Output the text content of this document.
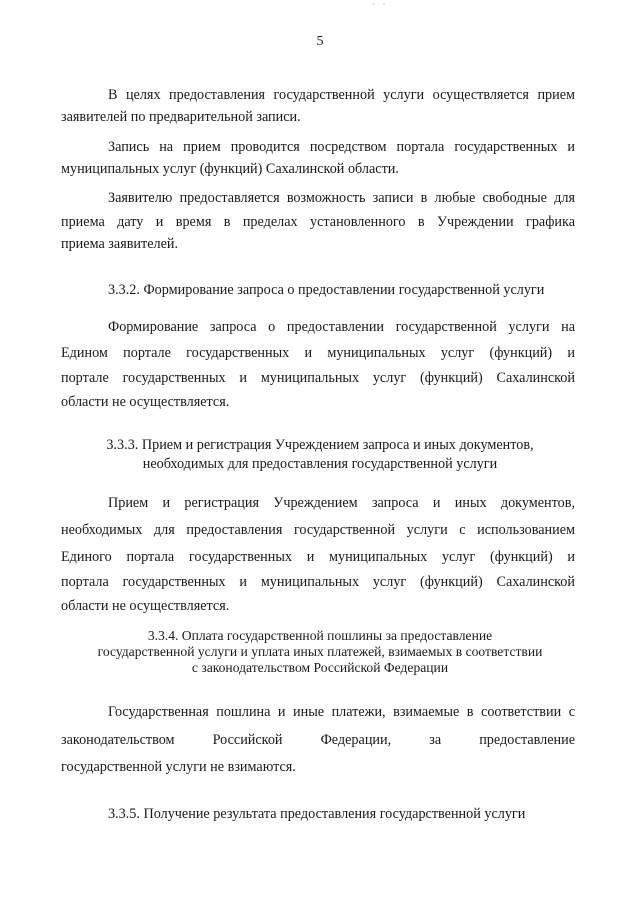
· ·
5
В целях предоставления государственной услуги осуществляется прием
заявителей по предварительной записи.
Запись на прием проводится посредством портала государственных и
муниципальных услуг (функций) Сахалинской области.
Заявителю предоставляется возможность записи в любые свободные для
приема дату и время в пределах установленного в Учреждении графика
приема заявителей.
3.3.2. Формирование запроса о предоставлении государственной услуги
Формирование запроса о предоставлении государственной услуги на
Едином портале государственных и муниципальных услуг (функций) и
портале государственных и муниципальных услуг (функций) Сахалинской
области не осуществляется.
3.3.3. Прием и регистрация Учреждением запроса и иных документов,
необходимых для предоставления государственной услуги
Прием и регистрация Учреждением запроса и иных документов,
необходимых для предоставления государственной услуги с использованием
Единого портала государственных и муниципальных услуг (функций) и
портала государственных и муниципальных услуг (функций) Сахалинской
области не осуществляется.
3.3.4. Оплата государственной пошлины за предоставление
государственной услуги и уплата иных платежей, взимаемых в соответствии
с законодательством Российской Федерации
Государственная пошлина и иные платежи, взимаемые в соответствии с
законодательством Российской Федерации, за предоставление
государственной услуги не взимаются.
3.3.5. Получение результата предоставления государственной услуги
